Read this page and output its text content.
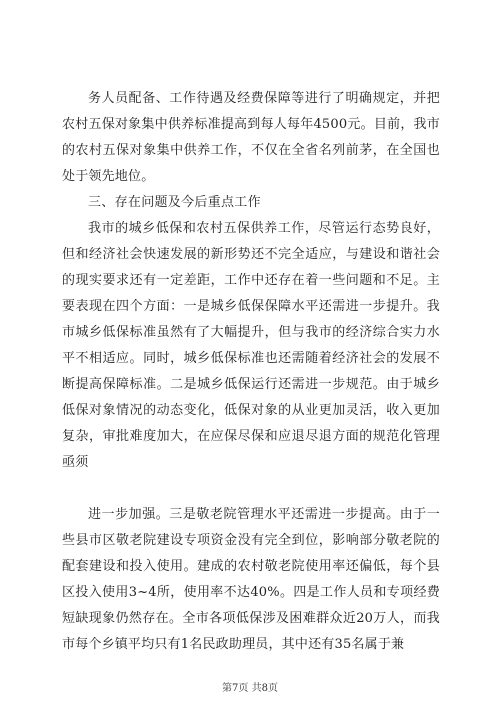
务人员配备、工作待遇及经费保障等进行了明确规定，并把农村五保对象集中供养标准提高到每人每年4500元。目前，我市的农村五保对象集中供养工作，不仅在全省名列前茅，在全国也处于领先地位。

三、存在问题及今后重点工作

我市的城乡低保和农村五保供养工作，尽管运行态势良好，但和经济社会快速发展的新形势还不完全适应，与建设和谐社会的现实要求还有一定差距，工作中还存在着一些问题和不足。主要表现在四个方面：一是城乡低保保障水平还需进一步提升。我市城乡低保标准虽然有了大幅提升，但与我市的经济综合实力水平不相适应。同时，城乡低保标准也还需随着经济社会的发展不断提高保障标准。二是城乡低保运行还需进一步规范。由于城乡低保对象情况的动态变化，低保对象的从业更加灵活，收入更加复杂，审批难度加大，在应保尽保和应退尽退方面的规范化管理亟须

进一步加强。三是敬老院管理水平还需进一步提高。由于一些县市区敬老院建设专项资金没有完全到位，影响部分敬老院的配套建设和投入使用。建成的农村敬老院使用率还偏低，每个县区投入使用3~4所，使用率不达40%。四是工作人员和专项经费短缺现象仍然存在。全市各项低保涉及困难群众近20万人，而我市每个乡镇平均只有1名民政助理员，其中还有35名属于兼

第7页 共8页
